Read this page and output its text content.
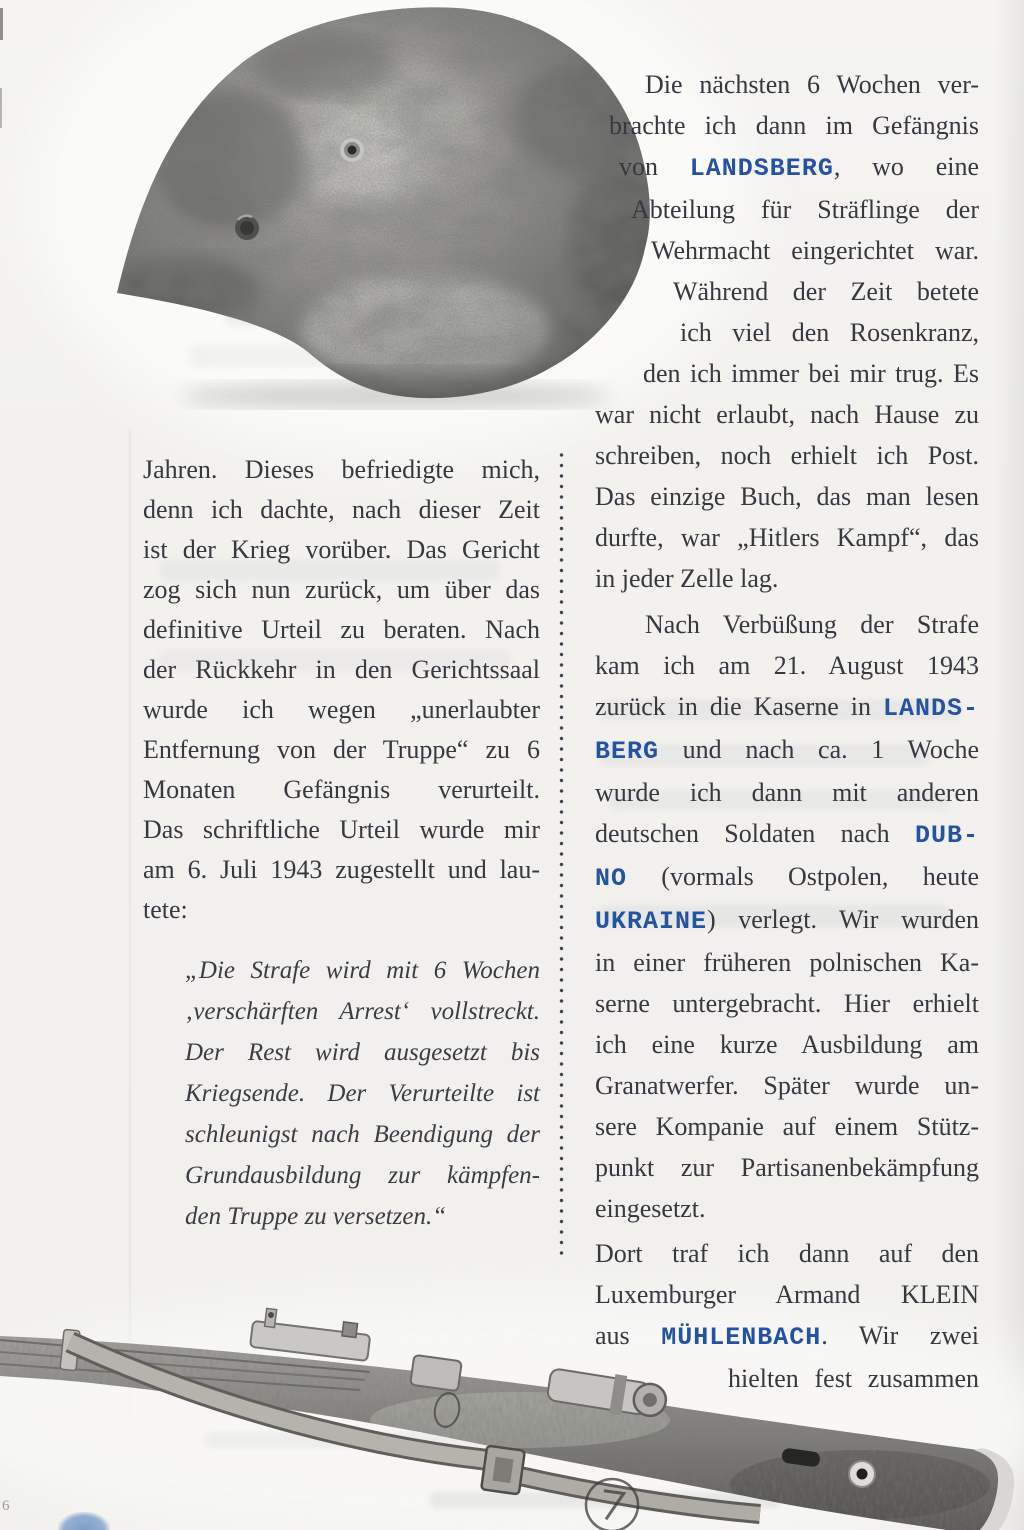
Jahren. Dieses befriedigte mich,
denn ich dachte, nach dieser Zeit
ist der Krieg vorüber. Das Gericht
zog sich nun zurück, um über das
definitive Urteil zu beraten. Nach
der Rückkehr in den Gerichtssaal
wurde ich wegen „unerlaubter
Entfernung von der Truppe“ zu 6
Monaten Gefängnis verurteilt.
Das schriftliche Urteil wurde mir
am 6. Juli 1943 zugestellt und lau-
tete:
„Die Strafe wird mit 6 Wochen
‚verschärften Arrest‘ vollstreckt.
Der Rest wird ausgesetzt bis
Kriegsende. Der Verurteilte ist
schleunigst nach Beendigung der
Grundausbildung zur kämpfen-
den Truppe zu versetzen.“
Die nächsten 6 Wochen ver-
brachte ich dann im Gefängnis
von LANDSBERG, wo eine
Abteilung für Sträflinge der
Wehrmacht eingerichtet war.
Während der Zeit betete
ich viel den Rosenkranz,
den ich immer bei mir trug. Es
war nicht erlaubt, nach Hause zu
schreiben, noch erhielt ich Post.
Das einzige Buch, das man lesen
durfte, war „Hitlers Kampf“, das
in jeder Zelle lag.
Nach Verbüßung der Strafe
kam ich am 21. August 1943
zurück in die Kaserne in LANDS-
BERG und nach ca. 1 Woche
wurde ich dann mit anderen
deutschen Soldaten nach DUB-
NO (vormals Ostpolen, heute
UKRAINE) verlegt. Wir wurden
in einer früheren polnischen Ka-
serne untergebracht. Hier erhielt
ich eine kurze Ausbildung am
Granatwerfer. Später wurde un-
sere Kompanie auf einem Stütz-
punkt zur Partisanenbekämpfung
eingesetzt.
Dort traf ich dann auf den
Luxemburger Armand KLEIN
aus MÜHLENBACH. Wir zwei
hielten fest zusammen
6
